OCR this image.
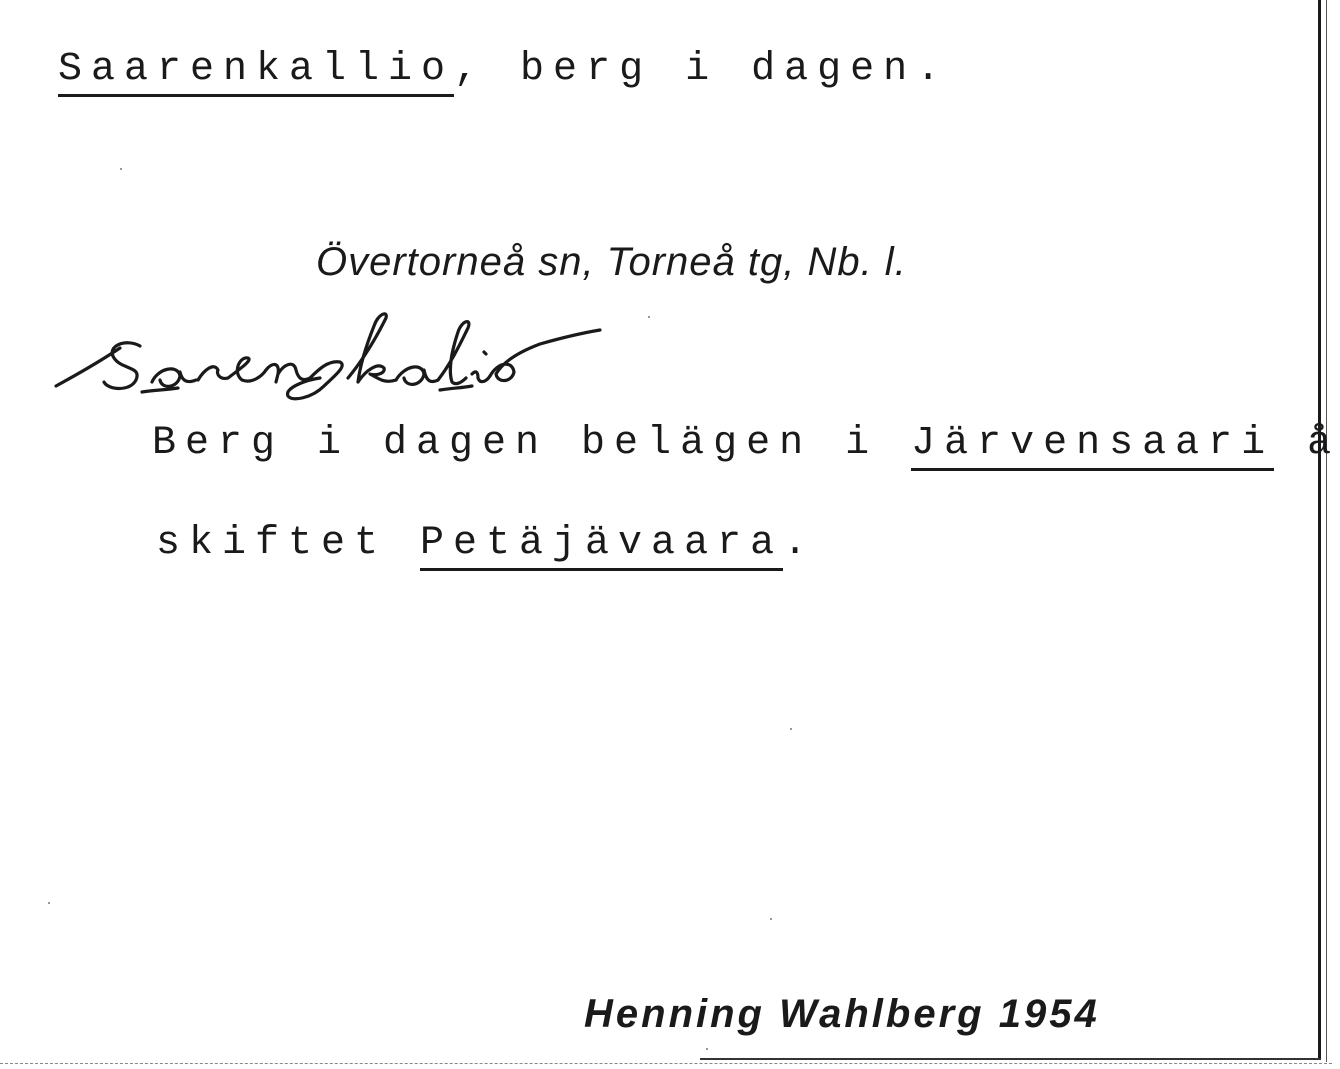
Saarenkallio, berg i dagen.
Övertorneå sn, Torneå tg, Nb. l.
Berg i dagen belägen i Järvensaari å
skiftet Petäjävaara.
Henning Wahlberg 1954
